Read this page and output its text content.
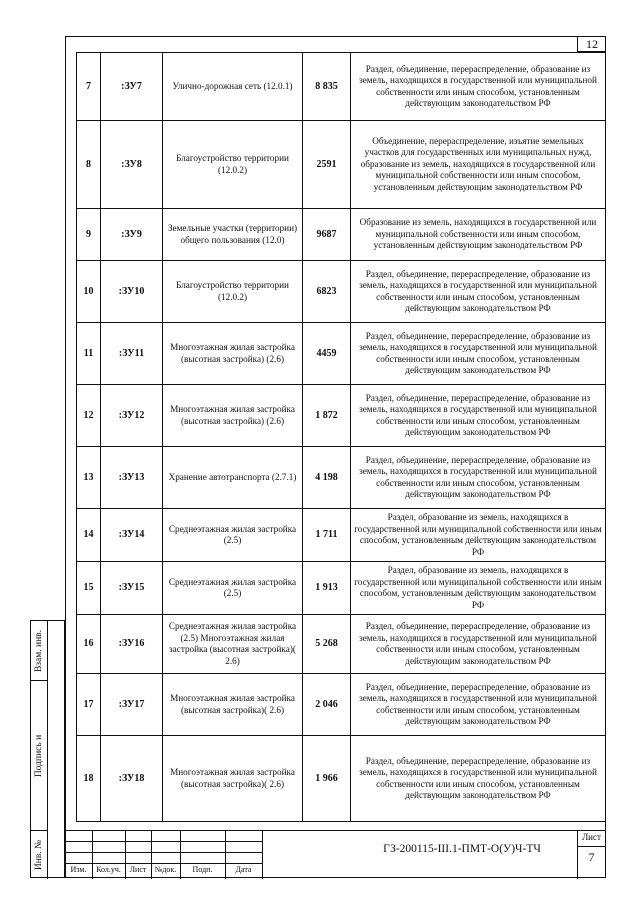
12
7	:ЗУ7	Улично-дорожная сеть (12.0.1)	8 835	Раздел, объединение, перераспределение, образование из земель, находящихся в государственной или муниципальной собственности или иным способом, установленным действующим законодательством РФ
8	:ЗУ8	Благоустройство территории (12.0.2)	2591	Объединение, перераспределение, изъятие земельных участков для государственных или муниципальных нужд, образование из земель, находящихся в государственной или муниципальной собственности или иным способом, установленным действующим законодательством РФ
9	:ЗУ9	Земельные участки (территории) общего пользования (12.0)	9687	Образование из земель, находящихся в государственной или муниципальной собственности или иным способом, установленным действующим законодательством РФ
10	:ЗУ10	Благоустройство территории (12.0.2)	6823	Раздел, объединение, перераспределение, образование из земель, находящихся в государственной или муниципальной собственности или иным способом, установленным действующим законодательством РФ
11	:ЗУ11	Многоэтажная жилая застройка (высотная застройка) (2.6)	4459	Раздел, объединение, перераспределение, образование из земель, находящихся в государственной или муниципальной собственности или иным способом, установленным действующим законодательством РФ
12	:ЗУ12	Многоэтажная жилая застройка (высотная застройка) (2.6)	1 872	Раздел, объединение, перераспределение, образование из земель, находящихся в государственной или муниципальной собственности или иным способом, установленным действующим законодательством РФ
13	:ЗУ13	Хранение автотранспорта (2.7.1)	4 198	Раздел, объединение, перераспределение, образование из земель, находящихся в государственной или муниципальной собственности или иным способом, установленным действующим законодательством РФ
14	:ЗУ14	Среднеэтажная жилая застройка (2.5)	1 711	Раздел, образование из земель, находящихся в государственной или муниципальной собственности или иным способом, установленным действующим законодательством РФ
15	:ЗУ15	Среднеэтажная жилая застройка (2.5)	1 913	Раздел, образование из земель, находящихся в государственной или муниципальной собственности или иным способом, установленным действующим законодательством РФ
16	:ЗУ16	Среднеэтажная жилая застройка (2.5) Многоэтажная жилая застройка (высотная застройка)( 2.6)	5 268	Раздел, объединение, перераспределение, образование из земель, находящихся в государственной или муниципальной собственности или иным способом, установленным действующим законодательством РФ
17	:ЗУ17	Многоэтажная жилая застройка (высотная застройка)( 2.6)	2 046	Раздел, объединение, перераспределение, образование из земель, находящихся в государственной или муниципальной собственности или иным способом, установленным действующим законодательством РФ
18	:ЗУ18	Многоэтажная жилая застройка (высотная застройка)( 2.6)	1 966	Раздел, объединение, перераспределение, образование из земель, находящихся в государственной или муниципальной собственности или иным способом, установленным действующим законодательством РФ
Взам. инв.
Подпись и
Инв. №	Изм.	Кол.уч.	Лист	№док.	Подп.	Дата
ГЗ-200115-III.1-ПМТ-О(У)Ч-ТЧ
Лист
7
